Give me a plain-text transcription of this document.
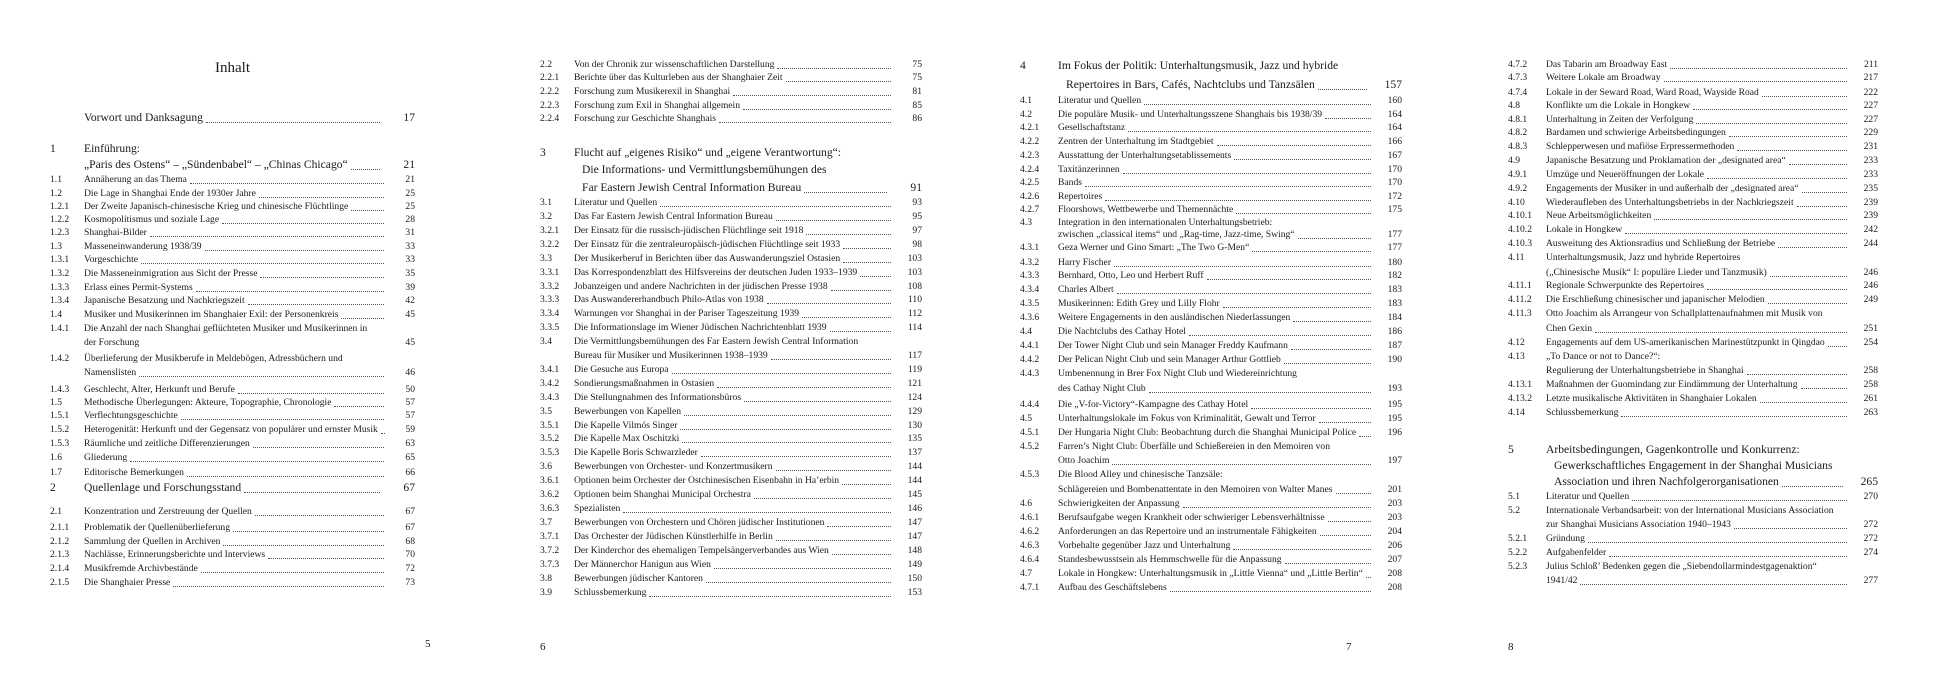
Inhalt
Vorwort und Danksagung	17
1 Einführung:
„Paris des Ostens“ – „Sündenbabel“ – „Chinas Chicago“	21
1.1 Annäherung an das Thema	21
1.2 Die Lage in Shanghai Ende der 1930er Jahre	25
1.2.1 Der Zweite Japanisch-chinesische Krieg und chinesische Flüchtlinge	25
1.2.2 Kosmopolitismus und soziale Lage	28
1.2.3 Shanghai-Bilder	31
1.3 Masseneinwanderung 1938/39	33
1.3.1 Vorgeschichte	33
1.3.2 Die Masseneinmigration aus Sicht der Presse	35
1.3.3 Erlass eines Permit-Systems	39
1.3.4 Japanische Besatzung und Nachkriegszeit	42
1.4 Musiker und Musikerinnen im Shanghaier Exil: der Personenkreis	45
1.4.1 Die Anzahl der nach Shanghai geflüchteten Musiker und Musikerinnen in
der Forschung	45
1.4.2 Überlieferung der Musikberufe in Meldebögen, Adressbüchern und
Namenslisten	46
1.4.3 Geschlecht, Alter, Herkunft und Berufe	50
1.5 Methodische Überlegungen: Akteure, Topographie, Chronologie	57
1.5.1 Verflechtungsgeschichte	57
1.5.2 Heterogenität: Herkunft und der Gegensatz von populärer und ernster Musik	59
1.5.3 Räumliche und zeitliche Differenzierungen	63
1.6 Gliederung	65
1.7 Editorische Bemerkungen	66
2 Quellenlage und Forschungsstand	67
2.1 Konzentration und Zerstreuung der Quellen	67
2.1.1 Problematik der Quellenüberlieferung	67
2.1.2 Sammlung der Quellen in Archiven	68
2.1.3 Nachlässe, Erinnerungsberichte und Interviews	70
2.1.4 Musikfremde Archivbestände	72
2.1.5 Die Shanghaier Presse	73
5
2.2 Von der Chronik zur wissenschaftlichen Darstellung	75
2.2.1 Berichte über das Kulturleben aus der Shanghaier Zeit	75
2.2.2 Forschung zum Musikerexil in Shanghai	81
2.2.3 Forschung zum Exil in Shanghai allgemein	85
2.2.4 Forschung zur Geschichte Shanghais	86
3 Flucht auf „eigenes Risiko“ und „eigene Verantwortung“:
Die Informations- und Vermittlungsbemühungen des
Far Eastern Jewish Central Information Bureau	91
3.1 Literatur und Quellen	93
3.2 Das Far Eastern Jewish Central Information Bureau	95
3.2.1 Der Einsatz für die russisch-jüdischen Flüchtlinge seit 1918	97
3.2.2 Der Einsatz für die zentraleuropäisch-jüdischen Flüchtlinge seit 1933	98
3.3 Der Musikerberuf in Berichten über das Auswanderungsziel Ostasien	103
3.3.1 Das Korrespondenzblatt des Hilfsvereins der deutschen Juden 1933–1939	103
3.3.2 Jobanzeigen und andere Nachrichten in der jüdischen Presse 1938	108
3.3.3 Das Auswandererhandbuch Philo-Atlas von 1938	110
3.3.4 Warnungen vor Shanghai in der Pariser Tageszeitung 1939	112
3.3.5 Die Informationslage im Wiener Jüdischen Nachrichtenblatt 1939	114
3.4 Die Vermittlungsbemühungen des Far Eastern Jewish Central Information
Bureau für Musiker und Musikerinnen 1938–1939	117
3.4.1 Die Gesuche aus Europa	119
3.4.2 Sondierungsmaßnahmen in Ostasien	121
3.4.3 Die Stellungnahmen des Informationsbüros	124
3.5 Bewerbungen von Kapellen	129
3.5.1 Die Kapelle Vilmós Singer	130
3.5.2 Die Kapelle Max Oschitzki	135
3.5.3 Die Kapelle Boris Schwarzleder	137
3.6 Bewerbungen von Orchester- und Konzertmusikern	144
3.6.1 Optionen beim Orchester der Ostchinesischen Eisenbahn in Ha’erbin	144
3.6.2 Optionen beim Shanghai Municipal Orchestra	145
3.6.3 Spezialisten	146
3.7 Bewerbungen von Orchestern und Chören jüdischer Institutionen	147
3.7.1 Das Orchester der Jüdischen Künstlerhilfe in Berlin	147
3.7.2 Der Kinderchor des ehemaligen Tempelsängerverbandes aus Wien	148
3.7.3 Der Männerchor Hanigun aus Wien	149
3.8 Bewerbungen jüdischer Kantoren	150
3.9 Schlussbemerkung	153
6
4	Im Fokus der Politik: Unterhaltungsmusik, Jazz und hybride
Repertoires in Bars, Cafés, Nachtclubs und Tanzsälen	157
4.1	Literatur und Quellen	160
4.2	Die populäre Musik- und Unterhaltungsszene Shanghais bis 1938/39	164
4.2.1 Gesellschaftstanz	164
4.2.2 Zentren der Unterhaltung im Stadtgebiet	166
4.2.3 Ausstattung der Unterhaltungsetablissements	167
4.2.4 Taxitänzerinnen	170
4.2.5 Bands	170
4.2.6 Repertoires	172
4.2.7 Floorshows, Wettbewerbe und Themennächte	175
4.3	Integration in den internationalen Unterhaltungsbetrieb:
zwischen „classical items“ und „Rag-time, Jazz-time, Swing“	177
4.3.1 Geza Werner und Gino Smart: „The Two G-Men“	177
4.3.2 Harry Fischer	180
4.3.3 Bernhard, Otto, Leo und Herbert Ruff	182
4.3.4 Charles Albert	183
4.3.5 Musikerinnen: Edith Grey und Lilly Flohr	183
4.3.6 Weitere Engagements in den ausländischen Niederlassungen	184
4.4	Die Nachtclubs des Cathay Hotel	186
4.4.1 Der Tower Night Club und sein Manager Freddy Kaufmann	187
4.4.2 Der Pelican Night Club und sein Manager Arthur Gottlieb	190
4.4.3 Umbenennung in Brer Fox Night Club und Wiedereinrichtung
des Cathay Night Club	193
4.4.4 Die „V-for-Victory“-Kampagne des Cathay Hotel	195
4.5	Unterhaltungslokale im Fokus von Kriminalität, Gewalt und Terror	195
4.5.1 Der Hungaria Night Club: Beobachtung durch die Shanghai Municipal Police	196
4.5.2 Farren’s Night Club: Überfälle und Schießereien in den Memoiren von
Otto Joachim	197
4.5.3 Die Blood Alley und chinesische Tanzsäle:
Schlägereien und Bombenattentate in den Memoiren von Walter Manes	201
4.6	Schwierigkeiten der Anpassung	203
4.6.1 Berufsaufgabe wegen Krankheit oder schwieriger Lebensverhältnisse	203
4.6.2 Anforderungen an das Repertoire und an instrumentale Fähigkeiten	204
4.6.3 Vorbehalte gegenüber Jazz und Unterhaltung	206
4.6.4 Standesbewusstsein als Hemmschwelle für die Anpassung	207
4.7	Lokale in Hongkew: Unterhaltungsmusik in „Little Vienna“ und „Little Berlin“	208
4.7.1 Aufbau des Geschäftslebens	208
7
4.7.2 Das Tabarin am Broadway East	211
4.7.3 Weitere Lokale am Broadway	217
4.7.4 Lokale in der Seward Road, Ward Road, Wayside Road	222
4.8	Konflikte um die Lokale in Hongkew	227
4.8.1 Unterhaltung in Zeiten der Verfolgung	227
4.8.2 Bardamen und schwierige Arbeitsbedingungen	229
4.8.3 Schlepperwesen und mafiöse Erpressermethoden	231
4.9	Japanische Besatzung und Proklamation der „designated area“	233
4.9.1 Umzüge und Neueröffnungen der Lokale	233
4.9.2 Engagements der Musiker in und außerhalb der „designated area“	235
4.10 Wiederaufleben des Unterhaltungsbetriebs in der Nachkriegszeit	239
4.10.1 Neue Arbeitsmöglichkeiten	239
4.10.2 Lokale in Hongkew	242
4.10.3 Ausweitung des Aktionsradius und Schließung der Betriebe	244
4.11 Unterhaltungsmusik, Jazz und hybride Repertoires
(„Chinesische Musik“ I: populäre Lieder und Tanzmusik)	246
4.11.1 Regionale Schwerpunkte des Repertoires	246
4.11.2 Die Erschließung chinesischer und japanischer Melodien	249
4.11.3 Otto Joachim als Arrangeur von Schallplattenaufnahmen mit Musik von
Chen Gexin	251
4.12 Engagements auf dem US-amerikanischen Marinestützpunkt in Qingdao	254
4.13 „To Dance or not to Dance?“:
Regulierung der Unterhaltungsbetriebe in Shanghai	258
4.13.1 Maßnahmen der Guomindang zur Eindämmung der Unterhaltung	258
4.13.2 Letzte musikalische Aktivitäten in Shanghaier Lokalen	261
4.14 Schlussbemerkung	263
5	Arbeitsbedingungen, Gagenkontrolle und Konkurrenz:
Gewerkschaftliches Engagement in der Shanghai Musicians
Association und ihren Nachfolgerorganisationen	265
5.1	Literatur und Quellen	270
5.2	Internationale Verbandsarbeit: von der International Musicians Association
zur Shanghai Musicians Association 1940–1943	272
5.2.1 Gründung	272
5.2.2 Aufgabenfelder	274
5.2.3 Julius Schloß’ Bedenken gegen die „Siebendollarmindestgagenaktion“
1941/42	277
8
